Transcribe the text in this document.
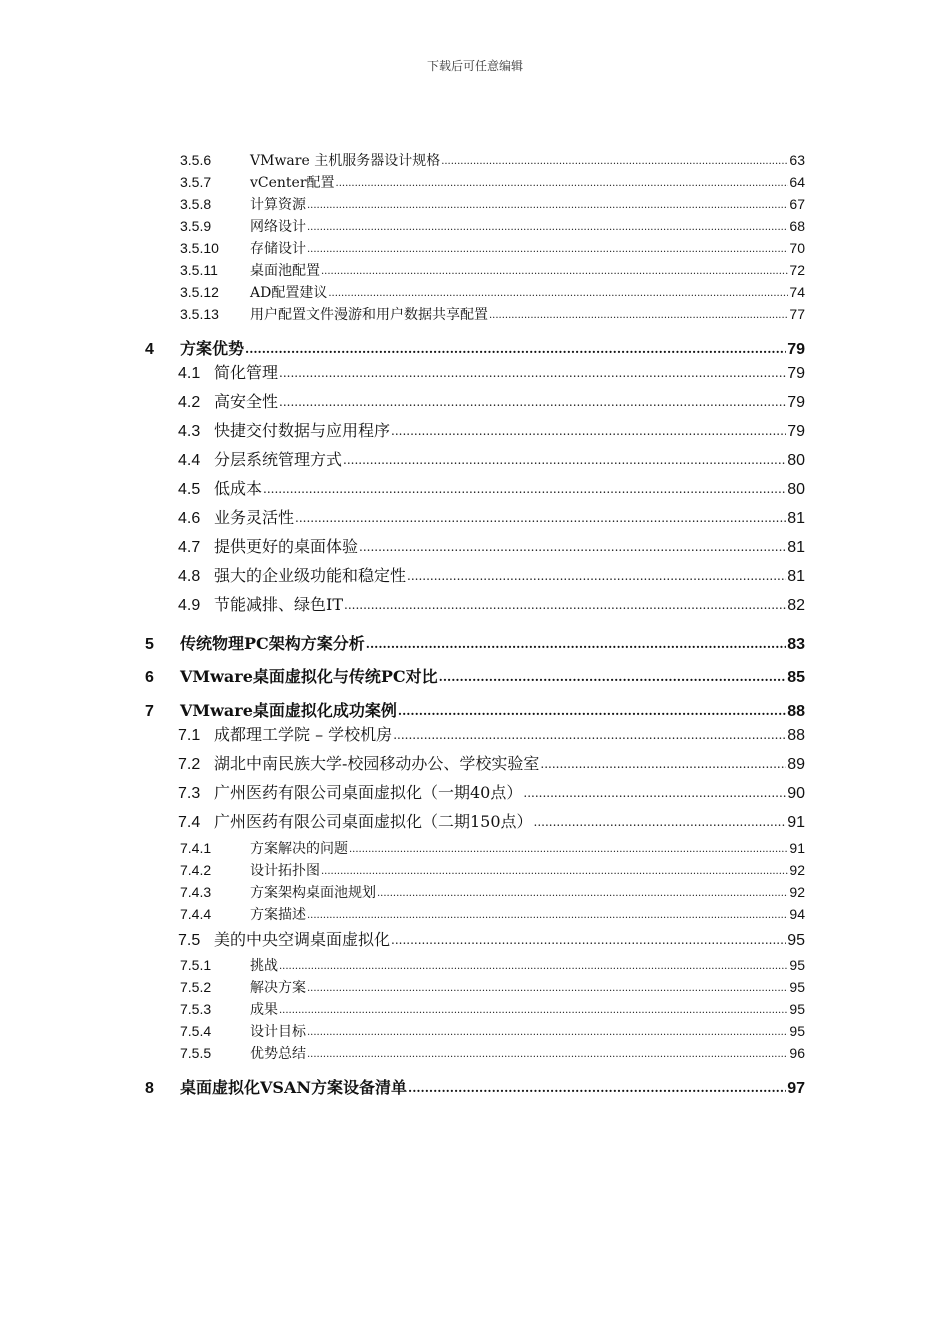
下载后可任意编辑
3.5.6	VMware 主机服务器设计规格 .....	63
3.5.7	vCenter配置 .....	64
3.5.8	计算资源 .....	67
3.5.9	网络设计 .....	68
3.5.10	存储设计 .....	70
3.5.11	桌面池配置 .....	72
3.5.12	AD配置建议 .....	74
3.5.13	用户配置文件漫游和用户数据共享配置 .....	77
4	方案优势 .....	79
4.1 简化管理 .....	79
4.2 高安全性 .....	79
4.3 快捷交付数据与应用程序 .....	79
4.4 分层系统管理方式 .....	80
4.5 低成本 .....	80
4.6 业务灵活性 .....	81
4.7 提供更好的桌面体验 .....	81
4.8 强大的企业级功能和稳定性 .....	81
4.9 节能减排、绿色IT .....	82
5	传统物理PC架构方案分析 .....	83
6	VMware桌面虚拟化与传统PC对比 .....	85
7	VMware桌面虚拟化成功案例 .....	88
7.1 成都理工学院 – 学校机房 .....	88
7.2 湖北中南民族大学-校园移动办公、学校实验室 .....	89
7.3 广州医药有限公司桌面虚拟化（一期40点） .....	90
7.4 广州医药有限公司桌面虚拟化（二期150点） .....	91
7.4.1	方案解决的问题 .....	91
7.4.2	设计拓扑图 .....	92
7.4.3	方案架构桌面池规划 .....	92
7.4.4	方案描述 .....	94
7.5 美的中央空调桌面虚拟化 .....	95
7.5.1	挑战 .....	95
7.5.2	解决方案 .....	95
7.5.3	成果 .....	95
7.5.4	设计目标 .....	95
7.5.5	优势总结 .....	96
8	桌面虚拟化VSAN方案设备清单 .....	97
